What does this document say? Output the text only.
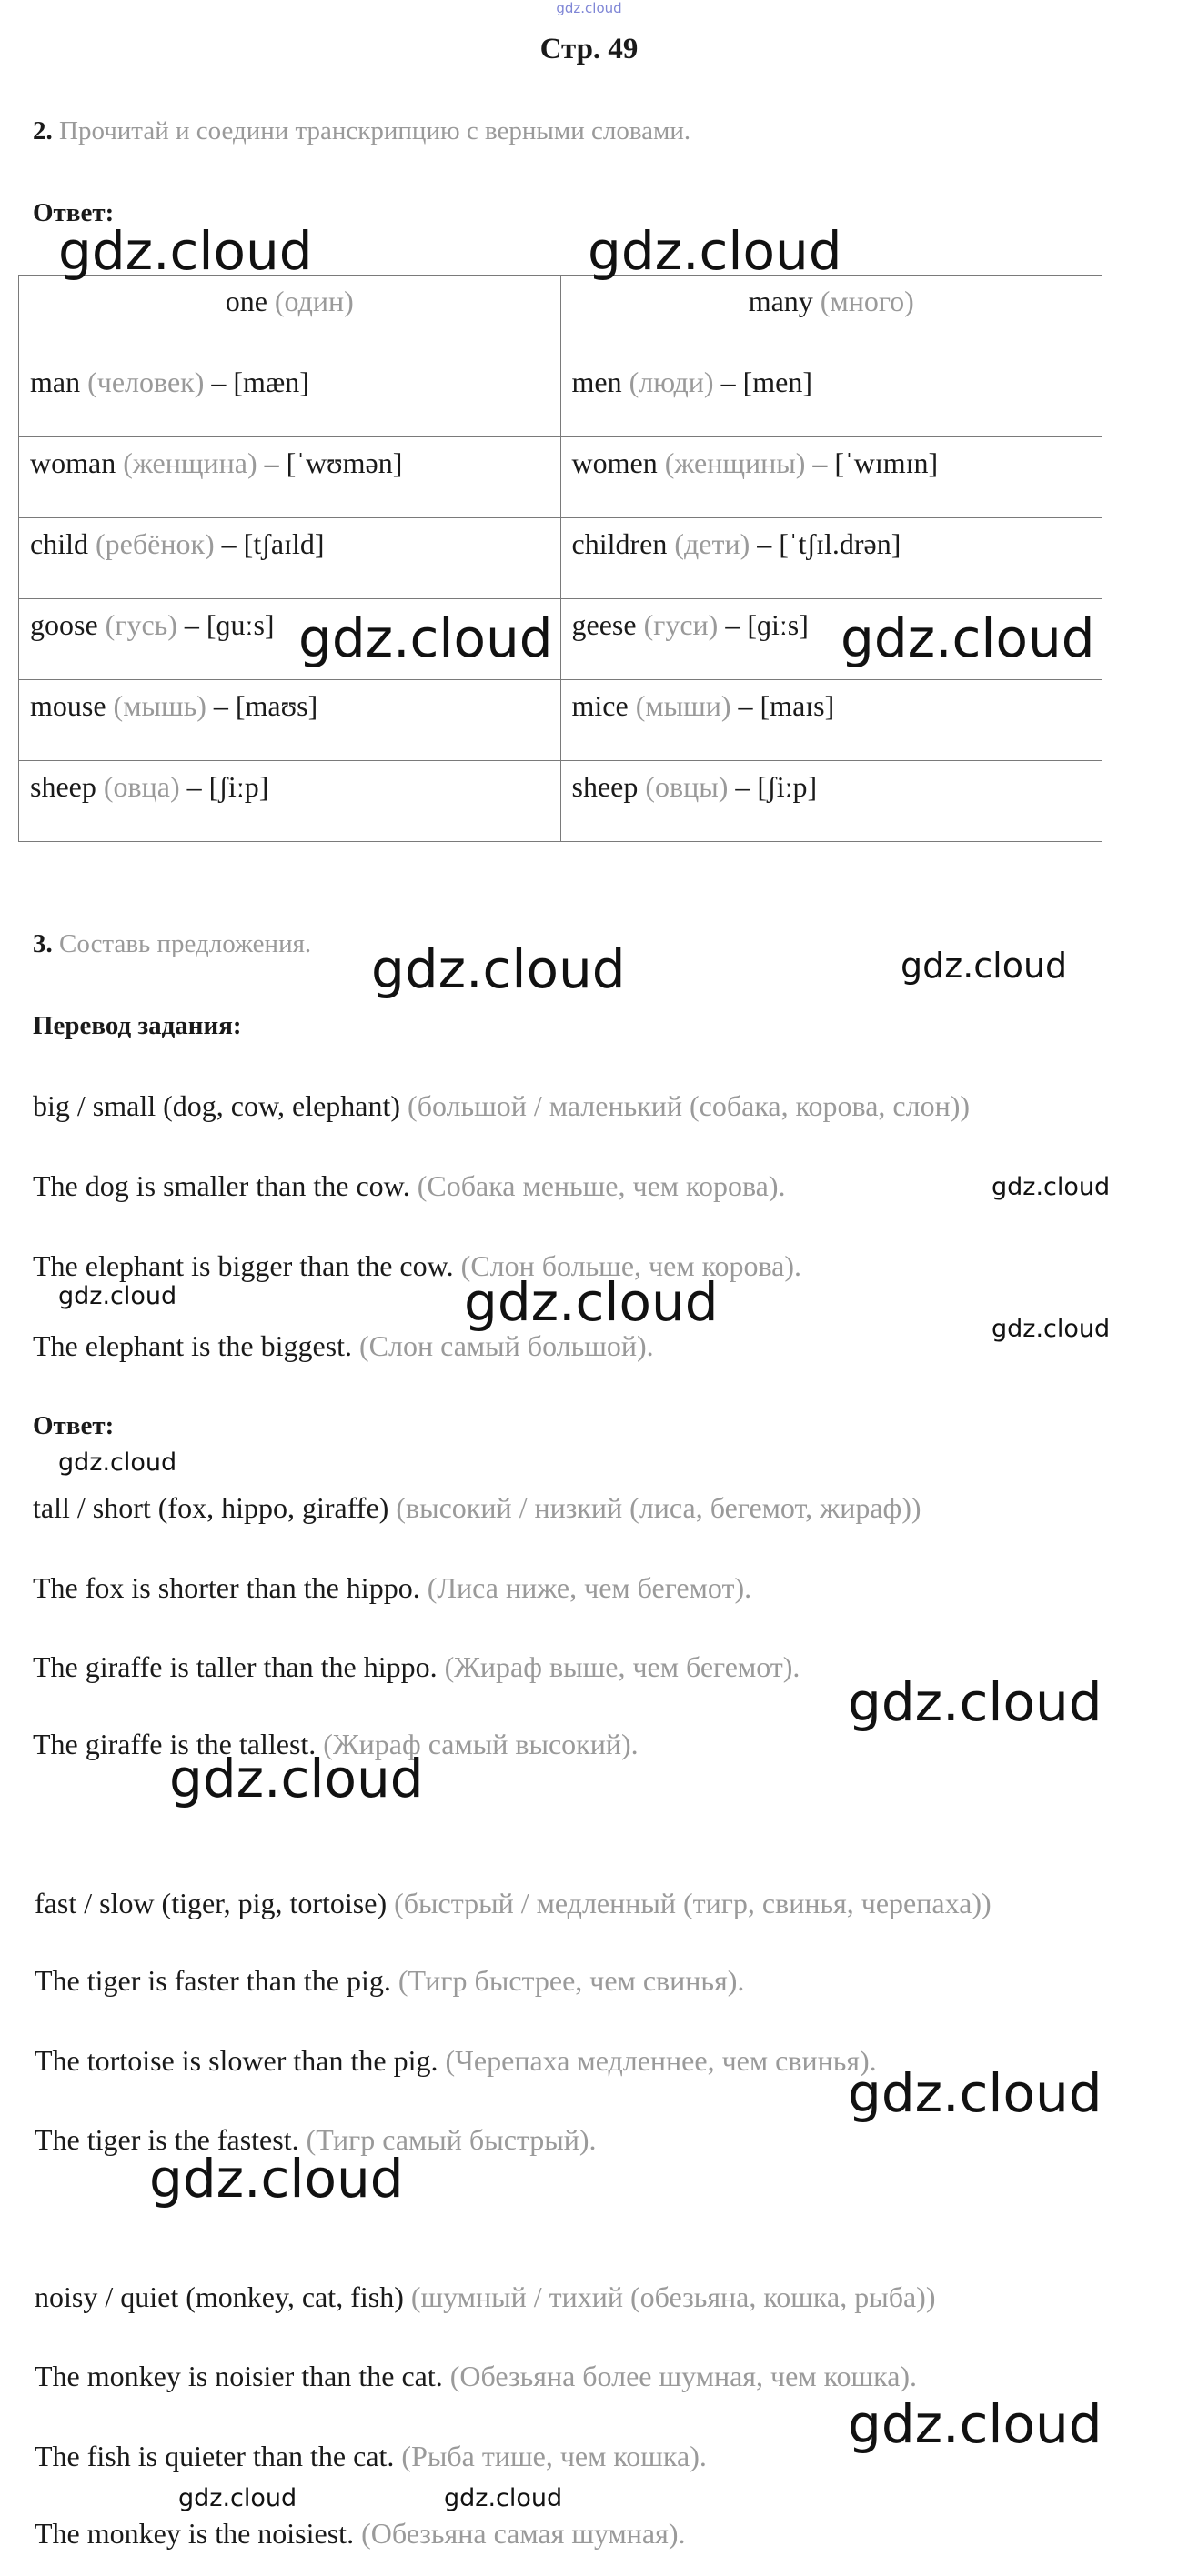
gdz.cloud
Стр. 49
2. Прочитай и соедини транскрипцию с верными словами.
Ответ:
one (один)	many (много)
man (человек) – [mæn]	men (люди) – [men]
woman (женщина) – [ˈwʊmən]	women (женщины) – [ˈwɪmɪn]
child (ребёнок) – [tʃaɪld]	children (дети) – [ˈtʃɪl.drən]
goose (гусь) – [ɡuːs]	geese (гуси) – [ɡiːs]
mouse (мышь) – [maʊs]	mice (мыши) – [maɪs]
sheep (овца) – [ʃiːp]	sheep (овцы) – [ʃiːp]
3. Составь предложения.
Перевод задания:
big / small (dog, cow, elephant) (большой / маленький (собака, корова, слон))
The dog is smaller than the cow. (Собака меньше, чем корова).
The elephant is bigger than the cow. (Слон больше, чем корова).
The elephant is the biggest. (Слон самый большой).
Ответ:
tall / short (fox, hippo, giraffe) (высокий / низкий (лиса, бегемот, жираф))
The fox is shorter than the hippo. (Лиса ниже, чем бегемот).
The giraffe is taller than the hippo. (Жираф выше, чем бегемот).
The giraffe is the tallest. (Жираф самый высокий).
fast / slow (tiger, pig, tortoise) (быстрый / медленный (тигр, свинья, черепаха))
The tiger is faster than the pig. (Тигр быстрее, чем свинья).
The tortoise is slower than the pig. (Черепаха медленнее, чем свинья).
The tiger is the fastest. (Тигр самый быстрый).
noisy / quiet (monkey, cat, fish) (шумный / тихий (обезьяна, кошка, рыба))
The monkey is noisier than the cat. (Обезьяна более шумная, чем кошка).
The fish is quieter than the cat. (Рыба тише, чем кошка).
The monkey is the noisiest. (Обезьяна самая шумная).
gdz.cloud	gdz.cloud
gdz.cloud	gdz.cloud
gdz.cloud	gdz.cloud
gdz.cloud
gdz.cloud	gdz.cloud	gdz.cloud
gdz.cloud
gdz.cloud
gdz.cloud
gdz.cloud
gdz.cloud
gdz.cloud
gdz.cloud	gdz.cloud
